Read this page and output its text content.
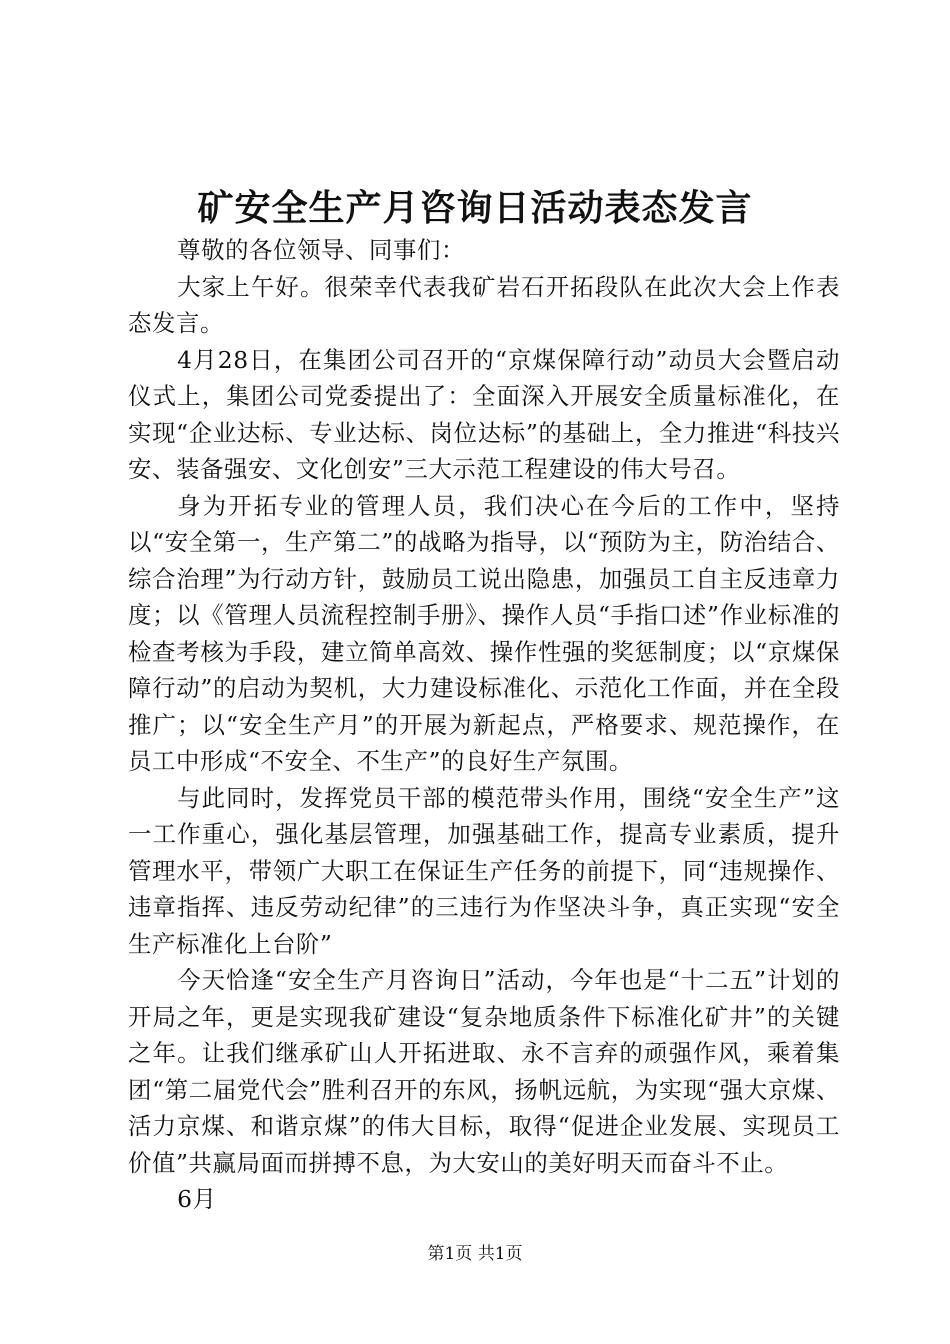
矿安全生产月咨询日活动表态发言

尊敬的各位领导、同事们：

大家上午好。很荣幸代表我矿岩石开拓段队在此次大会上作表态发言。

4月28日，在集团公司召开的“京煤保障行动”动员大会暨启动仪式上，集团公司党委提出了：全面深入开展安全质量标准化，在实现“企业达标、专业达标、岗位达标”的基础上，全力推进“科技兴安、装备强安、文化创安”三大示范工程建设的伟大号召。

身为开拓专业的管理人员，我们决心在今后的工作中，坚持以“安全第一，生产第二”的战略为指导，以“预防为主，防治结合、综合治理”为行动方针，鼓励员工说出隐患，加强员工自主反违章力度；以《管理人员流程控制手册》、操作人员“手指口述”作业标准的检查考核为手段，建立简单高效、操作性强的奖惩制度；以“京煤保障行动”的启动为契机，大力建设标准化、示范化工作面，并在全段推广；以“安全生产月”的开展为新起点，严格要求、规范操作，在员工中形成“不安全、不生产”的良好生产氛围。

与此同时，发挥党员干部的模范带头作用，围绕“安全生产”这一工作重心，强化基层管理，加强基础工作，提高专业素质，提升管理水平，带领广大职工在保证生产任务的前提下，同“违规操作、违章指挥、违反劳动纪律”的三违行为作坚决斗争，真正实现“安全生产标准化上台阶”

今天恰逢“安全生产月咨询日”活动，今年也是“十二五”计划的开局之年，更是实现我矿建设“复杂地质条件下标准化矿井”的关键之年。让我们继承矿山人开拓进取、永不言弃的顽强作风，乘着集团“第二届党代会”胜利召开的东风，扬帆远航，为实现“强大京煤、活力京煤、和谐京煤”的伟大目标，取得“促进企业发展、实现员工价值”共赢局面而拼搏不息，为大安山的美好明天而奋斗不止。

6月

第1页 共1页
